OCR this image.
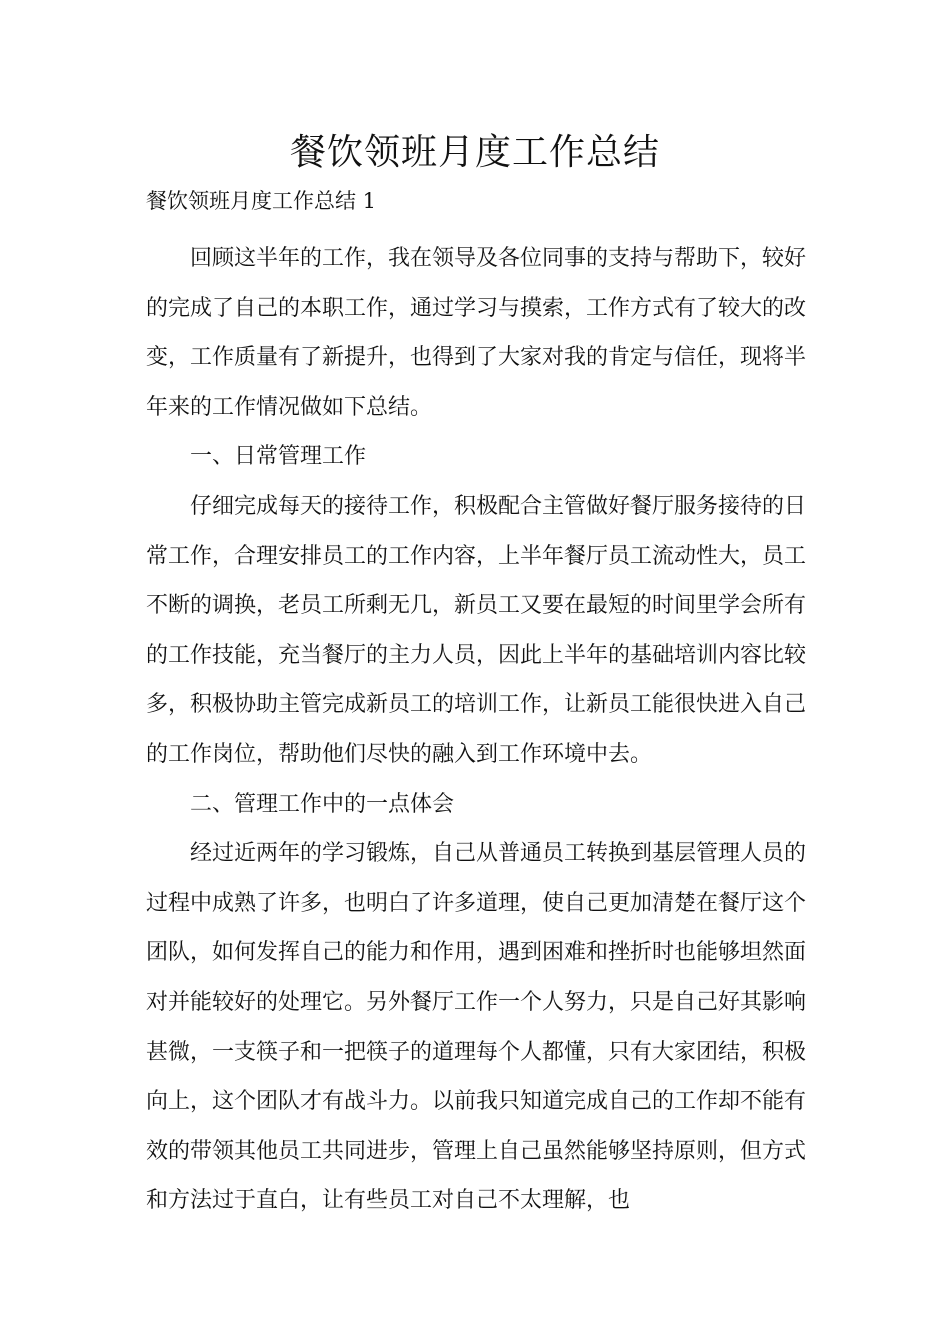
餐饮领班月度工作总结
餐饮领班月度工作总结 1

回顾这半年的工作，我在领导及各位同事的支持与帮助下，较好的完成了自己的本职工作，通过学习与摸索，工作方式有了较大的改变，工作质量有了新提升，也得到了大家对我的肯定与信任，现将半年来的工作情况做如下总结。

一、日常管理工作

仔细完成每天的接待工作，积极配合主管做好餐厅服务接待的日常工作，合理安排员工的工作内容，上半年餐厅员工流动性大，员工不断的调换，老员工所剩无几，新员工又要在最短的时间里学会所有的工作技能，充当餐厅的主力人员，因此上半年的基础培训内容比较多，积极协助主管完成新员工的培训工作，让新员工能很快进入自己的工作岗位，帮助他们尽快的融入到工作环境中去。

二、管理工作中的一点体会

经过近两年的学习锻炼，自己从普通员工转换到基层管理人员的过程中成熟了许多，也明白了许多道理，使自己更加清楚在餐厅这个团队，如何发挥自己的能力和作用，遇到困难和挫折时也能够坦然面对并能较好的处理它。另外餐厅工作一个人努力，只是自己好其影响甚微，一支筷子和一把筷子的道理每个人都懂，只有大家团结，积极向上，这个团队才有战斗力。以前我只知道完成自己的工作却不能有效的带领其他员工共同进步，管理上自己虽然能够坚持原则，但方式和方法过于直白，让有些员工对自己不太理解，也
